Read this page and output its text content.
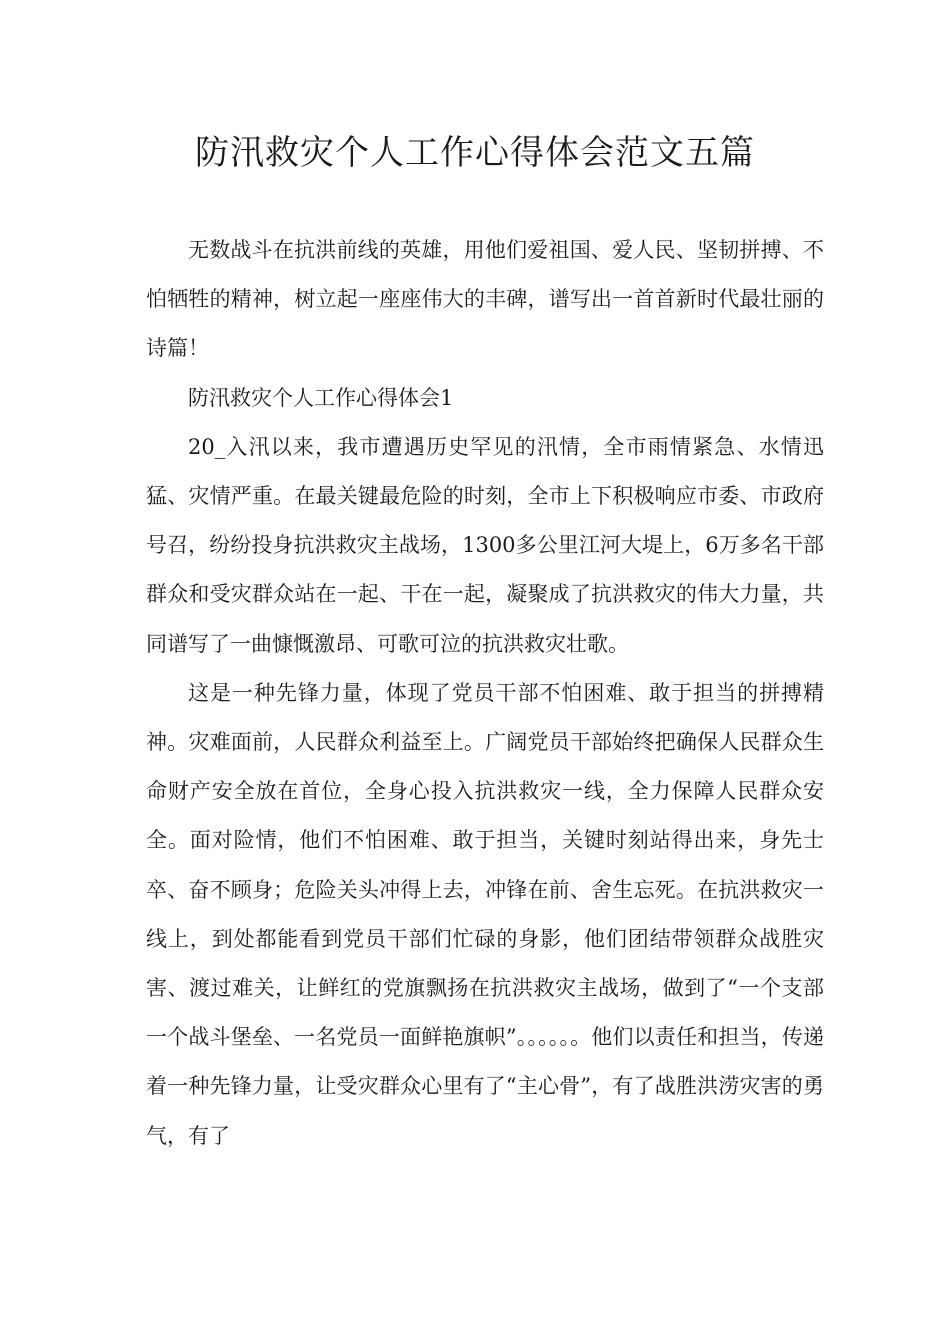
防汛救灾个人工作心得体会范文五篇

无数战斗在抗洪前线的英雄，用他们爱祖国、爱人民、坚韧拼搏、不怕牺牲的精神，树立起一座座伟大的丰碑，谱写出一首首新时代最壮丽的诗篇！

防汛救灾个人工作心得体会1

20_入汛以来，我市遭遇历史罕见的汛情，全市雨情紧急、水情迅猛、灾情严重。在最关键最危险的时刻，全市上下积极响应市委、市政府号召，纷纷投身抗洪救灾主战场，1300多公里江河大堤上，6万多名干部群众和受灾群众站在一起、干在一起，凝聚成了抗洪救灾的伟大力量，共同谱写了一曲慷慨激昂、可歌可泣的抗洪救灾壮歌。

这是一种先锋力量，体现了党员干部不怕困难、敢于担当的拼搏精神。灾难面前，人民群众利益至上。广阔党员干部始终把确保人民群众生命财产安全放在首位，全身心投入抗洪救灾一线，全力保障人民群众安全。面对险情，他们不怕困难、敢于担当，关键时刻站得出来，身先士卒、奋不顾身；危险关头冲得上去，冲锋在前、舍生忘死。在抗洪救灾一线上，到处都能看到党员干部们忙碌的身影，他们团结带领群众战胜灾害、渡过难关，让鲜红的党旗飘扬在抗洪救灾主战场，做到了“一个支部一个战斗堡垒、一名党员一面鲜艳旗帜”。。。。。。他们以责任和担当，传递着一种先锋力量，让受灾群众心里有了“主心骨”，有了战胜洪涝灾害的勇气，有了
